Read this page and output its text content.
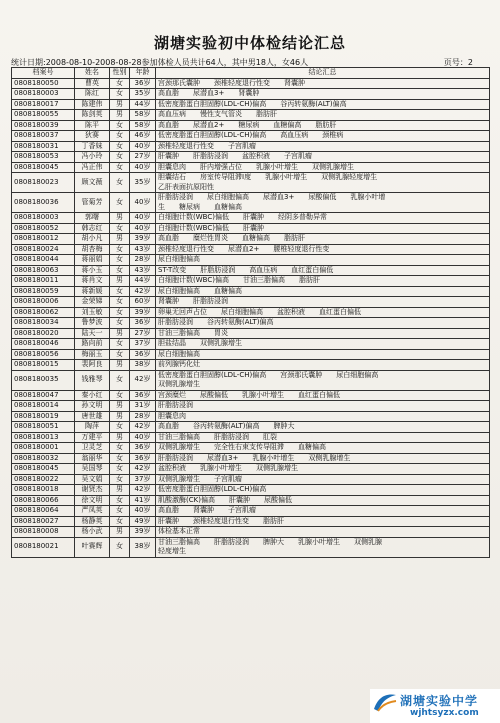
湖塘实验初中体检结论汇总
统计日期:2008-08-10-2008-08-28参加体检人员共计64人，其中男18人，女46人	页号：2
档案号	姓名	性别	年龄	结论汇总
0808180050	曹英	女	36岁	宫颈那氏囊肿　　颈椎轻度退行性变　　肾囊肿

0808180003	陈红	女	35岁	高血脂　　尿潜血3+　　肾囊肿

0808180017	陈建伟	男	44岁	低密度脂蛋白胆固醇(LDL-CH)偏高　　谷丙转氨酶(ALT)偏高

0808180055	陈剑英	男	58岁	高血压病　　慢性支气管炎　　脂肪肝

0808180039	陈平	女	58岁	高血脂　　尿潜血2+　　糖尿病　　血糖偏高　　脂肪肝

0808180037	狄赛	女	46岁	低密度脂蛋白胆固醇(LDL-CH)偏高　　高血压病　　颈椎病

0808180031	丁香妹	女	40岁	颈椎轻度退行性变　　子宫肌瘤

0808180053	冯小玲	女	27岁	肝囊肿　　肝脂肪浸润　　盆腔积液　　子宫肌瘤

0808180045	冯正伟	女	40岁	胆囊息肉　　肝内增强占位　　乳腺小叶增生　　双侧乳腺增生

0808180023	顾文薇	女	35岁	胆囊结石　　房室传导阻滞Ⅰ度　　乳腺小叶增生　　双侧乳腺轻度增生
乙肝表面抗原阳性

0808180036	管菊芳	女	40岁	肝脂肪浸润　　尿白细胞偏高　　尿潜血3+　　尿酸偏低　　乳腺小叶增
生　　糖尿病　　血糖偏高

0808180003	郭曙	男	40岁	白细胞计数(WBC)偏低　　肝囊肿　　经阴多普勒异常

0808180052	韩志红	女	40岁	白细胞计数(WBC)偏低　　肝囊肿

0808180012	胡小凡	男	39岁	高血脂　　糜烂性胃炎　　血糖偏高　　脂肪肝

0808180024	胡杏梅	女	43岁	颈椎轻度退行性变　　尿潜血2+　　腰椎轻度退行性变

0808180044	蒋丽娟	女	28岁	尿白细胞偏高

0808180063	蒋小玉	女	43岁	ST-T改变　　肝脂肪浸润　　高血压病　　血红蛋白偏低

0808180011	蒋肖文	男	44岁	白细胞计数(WBC)偏高　　甘油三脂偏高　　脂肪肝

0808180059	蒋新媛	女	42岁	尿白细胞偏高　　血糖偏高

0808180006	金荣娣	女	60岁	肾囊肿　　肝脂肪浸润

0808180062	刘玉敏	女	39岁	卵巢无回声占位　　尿白细胞偏高　　盆腔积液　　血红蛋白偏低

0808180034	鲁梦波	女	36岁	肝脂肪浸润　　谷丙转氨酶(ALT)偏高

0808180020	陆天一	男	27岁	甘油三脂偏高　　胃炎

0808180046	路向前	女	37岁	胆盐结晶　　双侧乳腺增生

0808180056	梅丽玉	女	36岁	尿白细胞偏高

0808180015	裴阿良	男	38岁	前列腺钙化灶

0808180035	钱雅琴	女	42岁	低密度脂蛋白胆固醇(LDL-CH)偏高　　宫颈那氏囊肿　　尿白细胞偏高
双侧乳腺增生

0808180047	秦小红	女	36岁	宫颈糜烂　　尿酸偏低　　乳腺小叶增生　　血红蛋白偏低

0808180014	孙文明	男	31岁	肝脂肪浸润

0808180019	唐世雄	男	28岁	胆囊息肉

0808180051	陶萍	女	42岁	高血脂　　谷丙转氨酶(ALT)偏高　　脾肿大

0808180013	万建平	男	40岁	甘油三脂偏高　　肝脂肪浸润　　肛裂

0808180001	卫灵芝	女	36岁	双侧乳腺增生　　完全性右束支传导阻滞　　血糖偏高

0808180032	翁丽华	女	36岁	肝脂肪浸润　　尿潜血3+　　乳腺小叶增生　　双侧乳腺增生

0808180045	吴国琴	女	42岁	盆腔积液　　乳腺小叶增生　　双侧乳腺增生

0808180022	吴文娟	女	37岁	双侧乳腺增生　　子宫肌瘤

0808180018	谢贤杰	男	42岁	低密度脂蛋白胆固醇(LDL-CH)偏高

0808180066	徐文明	女	41岁	肌酸激酶(CK)偏高　　肝囊肿　　尿酸偏低

0808180064	严凤英	女	40岁	高血脂　　肾囊肿　　子宫肌瘤

0808180027	杨静英	女	49岁	肝囊肿　　颈椎轻度退行性变　　脂肪肝

0808180008	杨小武	男	39岁	体检基本正常

0808180021	叶赛辉	女	38岁	甘油三脂偏高　　肝脂肪浸润　　脾肿大　　乳腺小叶增生　　双侧乳腺
轻度增生
湖塘实验中学
wjhtsyzx.com
